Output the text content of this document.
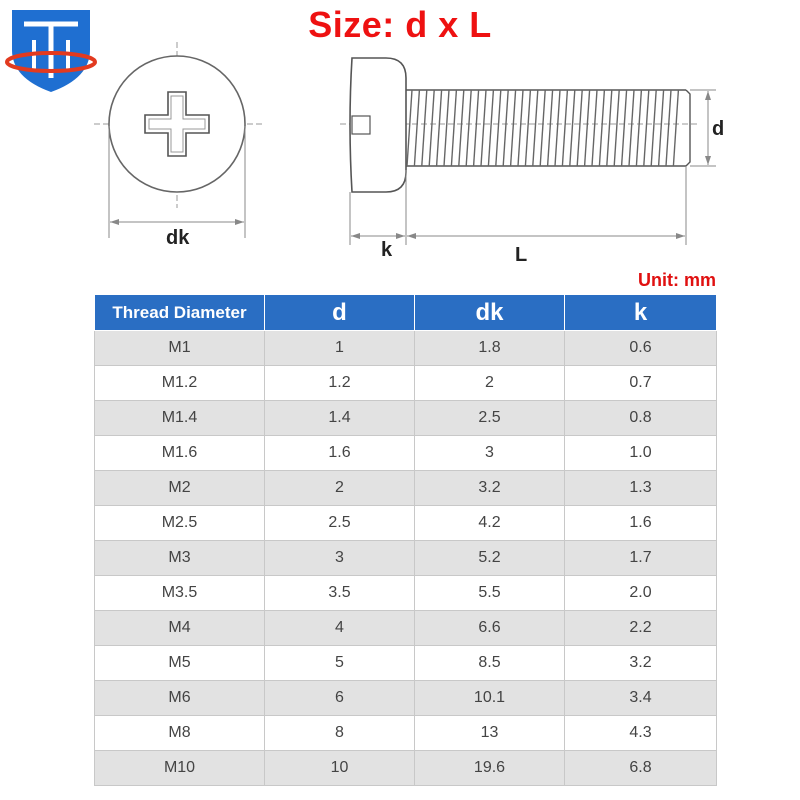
Size: d x L
dk
k	L
d
Unit: mm
Thread Diameter	d	dk	k
M1	1	1.8	0.6
M1.2	1.2	2	0.7
M1.4	1.4	2.5	0.8
M1.6	1.6	3	1.0
M2	2	3.2	1.3
M2.5	2.5	4.2	1.6
M3	3	5.2	1.7
M3.5	3.5	5.5	2.0
M4	4	6.6	2.2
M5	5	8.5	3.2
M6	6	10.1	3.4
M8	8	13	4.3
M10	10	19.6	6.8
